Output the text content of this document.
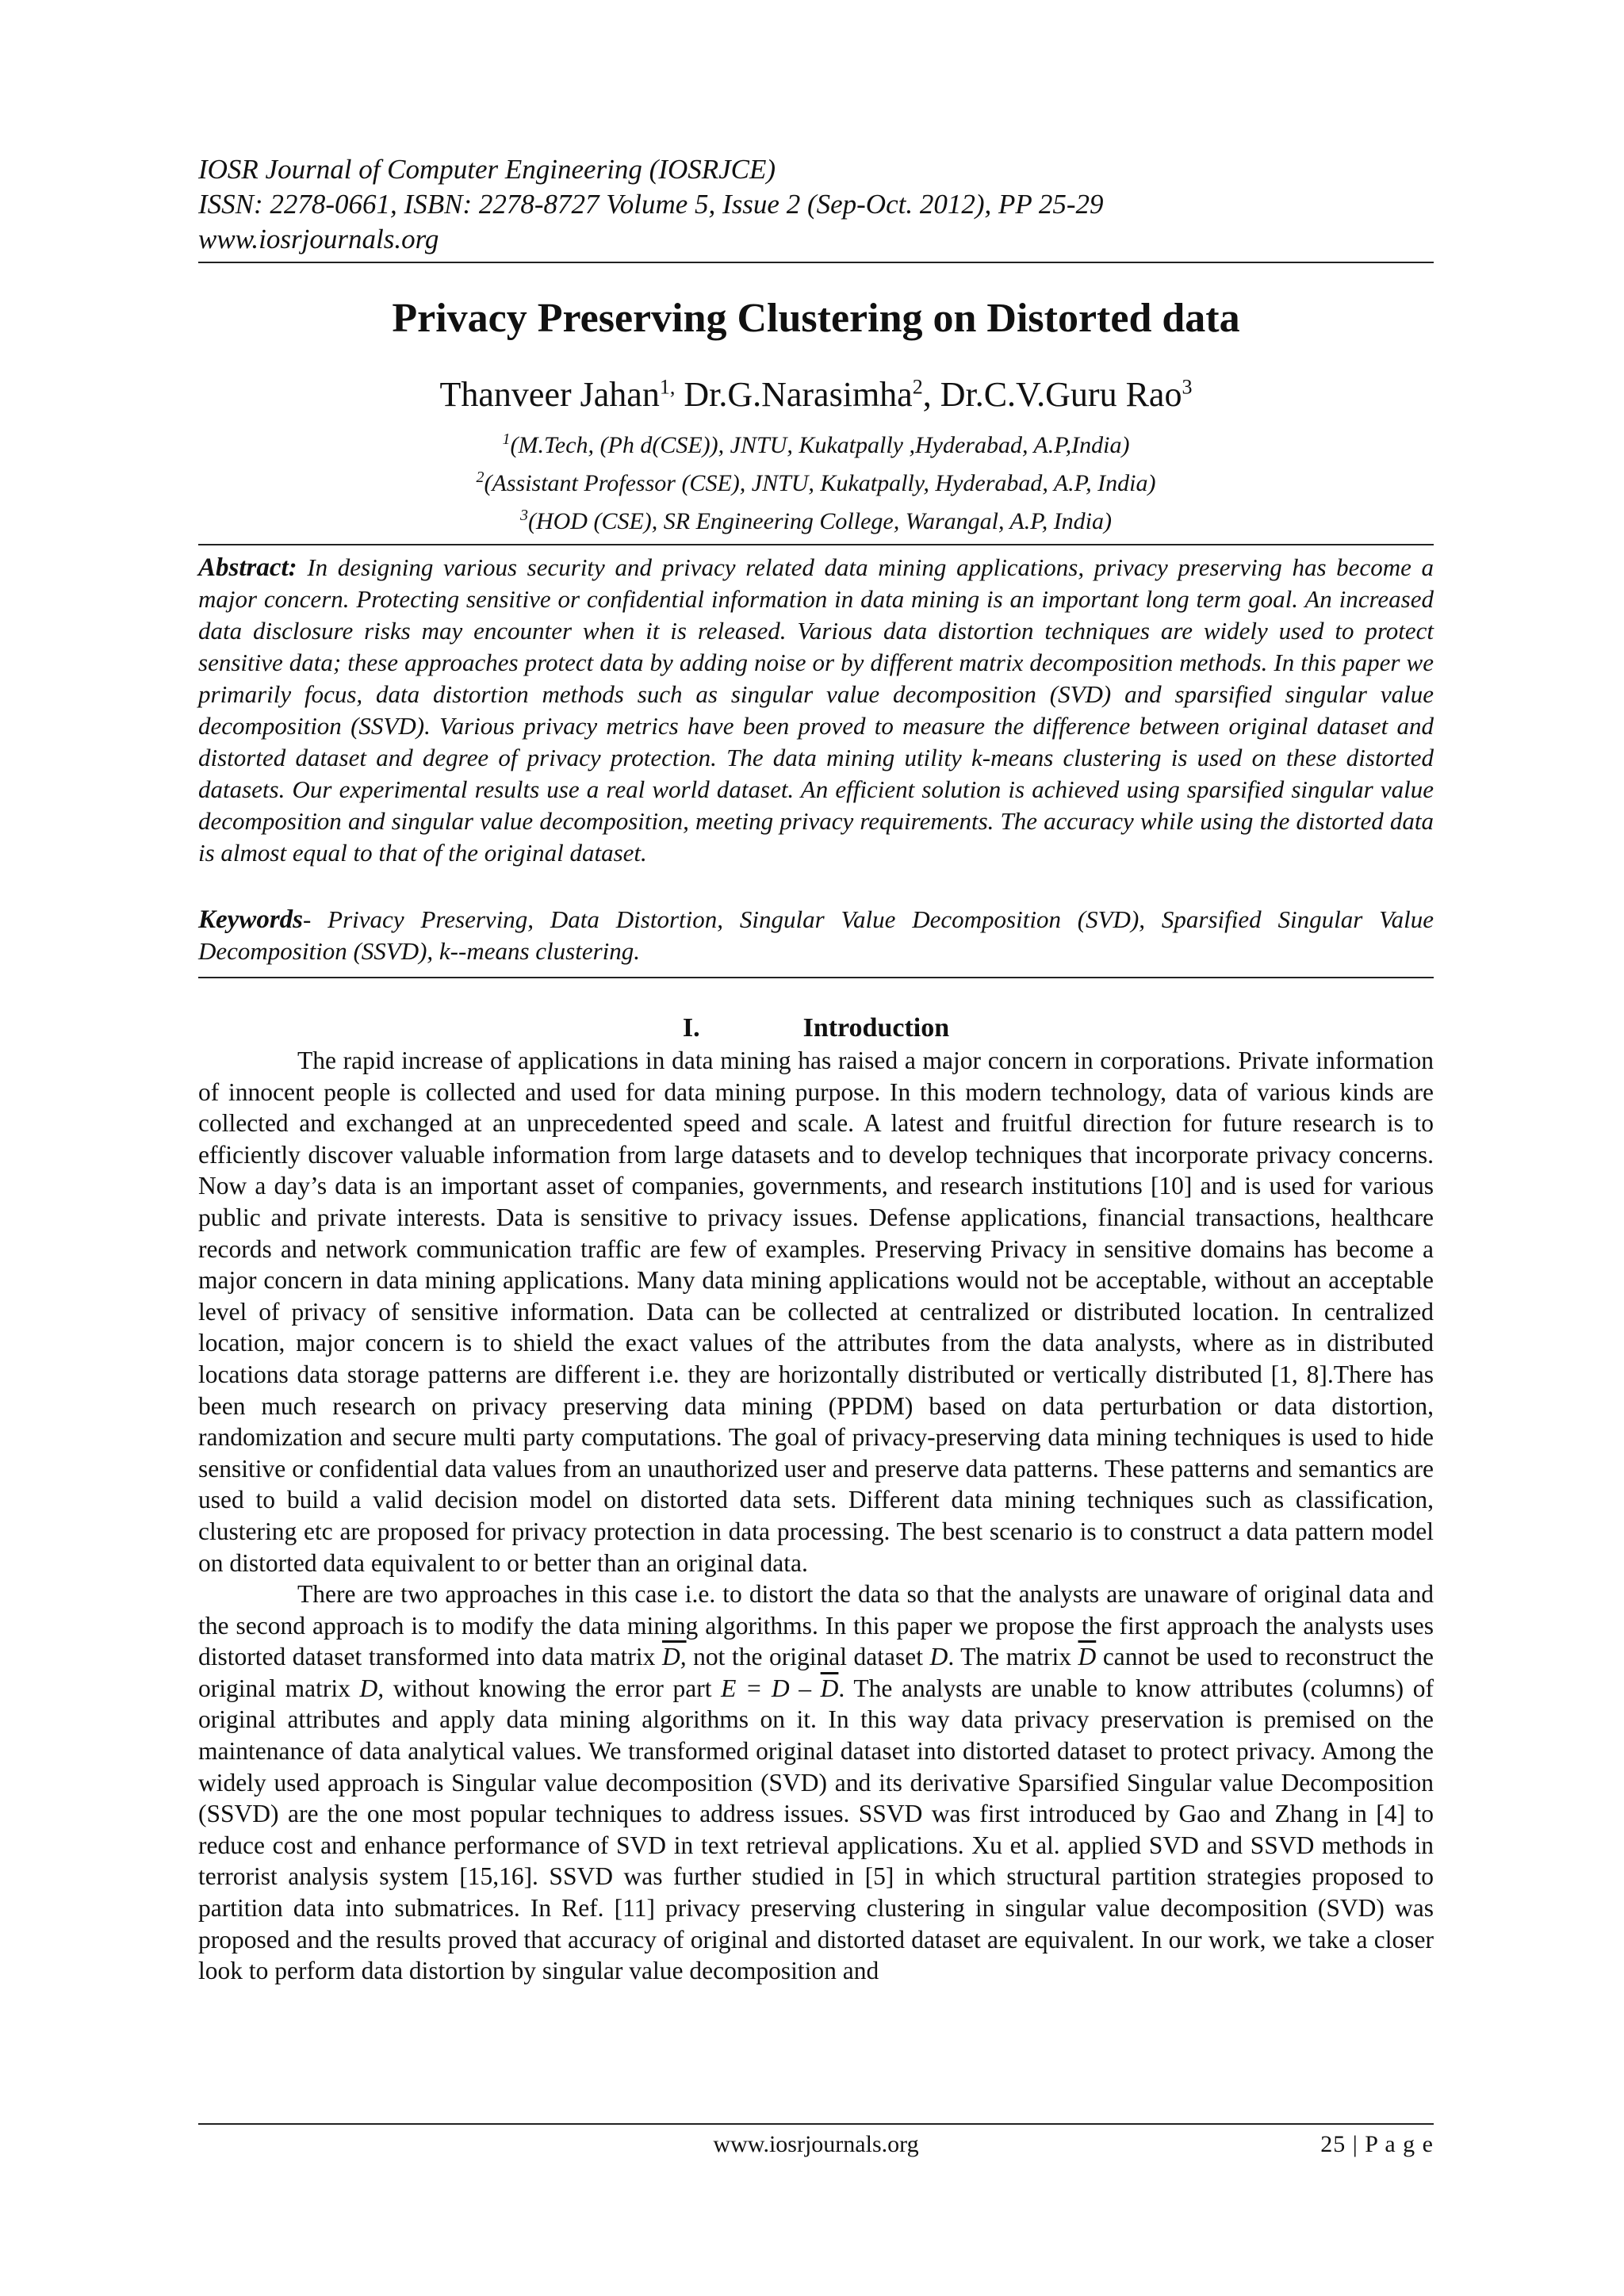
IOSR Journal of Computer Engineering (IOSRJCE)
ISSN: 2278-0661, ISBN: 2278-8727 Volume 5, Issue 2 (Sep-Oct. 2012), PP 25-29
www.iosrjournals.org
Privacy Preserving Clustering on Distorted data
Thanveer Jahan$^{1,}$ Dr.G.Narasimha$^2$, Dr.C.V.Guru Rao$^3$
$^1$(M.Tech, (Ph d(CSE)), JNTU, Kukatpally ,Hyderabad, A.P,India)
$^2$(Assistant Professor (CSE), JNTU, Kukatpally, Hyderabad, A.P, India)
$^3$(HOD (CSE), SR Engineering College, Warangal, A.P, India)
Abstract: In designing various security and privacy related data mining applications, privacy preserving has become a major concern. Protecting sensitive or confidential information in data mining is an important long term goal. An increased data disclosure risks may encounter when it is released. Various data distortion techniques are widely used to protect sensitive data; these approaches protect data by adding noise or by different matrix decomposition methods. In this paper we primarily focus, data distortion methods such as singular value decomposition (SVD) and sparsified singular value decomposition (SSVD). Various privacy metrics have been proved to measure the difference between original dataset and distorted dataset and degree of privacy protection. The data mining utility k-means clustering is used on these distorted datasets. Our experimental results use a real world dataset. An efficient solution is achieved using sparsified singular value decomposition and singular value decomposition, meeting privacy requirements. The accuracy while using the distorted data is almost equal to that of the original dataset.
Keywords- Privacy Preserving, Data Distortion, Singular Value Decomposition (SVD), Sparsified Singular Value Decomposition (SSVD), k--means clustering.
I.	Introduction

The rapid increase of applications in data mining has raised a major concern in corporations. Private information of innocent people is collected and used for data mining purpose. In this modern technology, data of various kinds are collected and exchanged at an unprecedented speed and scale. A latest and fruitful direction for future research is to efficiently discover valuable information from large datasets and to develop techniques that incorporate privacy concerns. Now a day’s data is an important asset of companies, governments, and research institutions [10] and is used for various public and private interests. Data is sensitive to privacy issues. Defense applications, financial transactions, healthcare records and network communication traffic are few of examples. Preserving Privacy in sensitive domains has become a major concern in data mining applications. Many data mining applications would not be acceptable, without an acceptable level of privacy of sensitive information. Data can be collected at centralized or distributed location. In centralized location, major concern is to shield the exact values of the attributes from the data analysts, where as in distributed locations data storage patterns are different i.e. they are horizontally distributed or vertically distributed [1, 8].There has been much research on privacy preserving data mining (PPDM) based on data perturbation or data distortion, randomization and secure multi party computations. The goal of privacy-preserving data mining techniques is used to hide sensitive or confidential data values from an unauthorized user and preserve data patterns. These patterns and semantics are used to build a valid decision model on distorted data sets. Different data mining techniques such as classification, clustering etc are proposed for privacy protection in data processing. The best scenario is to construct a data pattern model on distorted data equivalent to or better than an original data.

There are two approaches in this case i.e. to distort the data so that the analysts are unaware of original data and the second approach is to modify the data mining algorithms. In this paper we propose the first approach the analysts uses distorted dataset transformed into data matrix D, not the original dataset D. The matrix $\overline{D}$ cannot be used to reconstruct the original matrix D, without knowing the error part $E = D - \overline{D}$. The analysts are unable to know attributes (columns) of original attributes and apply data mining algorithms on it. In this way data privacy preservation is premised on the maintenance of data analytical values. We transformed original dataset into distorted dataset to protect privacy. Among the widely used approach is Singular value decomposition (SVD) and its derivative Sparsified Singular value Decomposition (SSVD) are the one most popular techniques to address issues. SSVD was first introduced by Gao and Zhang in [4] to reduce cost and enhance performance of SVD in text retrieval applications. Xu et al. applied SVD and SSVD methods in terrorist analysis system [15,16]. SSVD was further studied in [5] in which structural partition strategies proposed to partition data into submatrices. In Ref. [11] privacy preserving clustering in singular value decomposition (SVD) was proposed and the results proved that accuracy of original and distorted dataset are equivalent. In our work, we take a closer look to perform data distortion by singular value decomposition and

www.iosrjournals.org	25 | P a g e
